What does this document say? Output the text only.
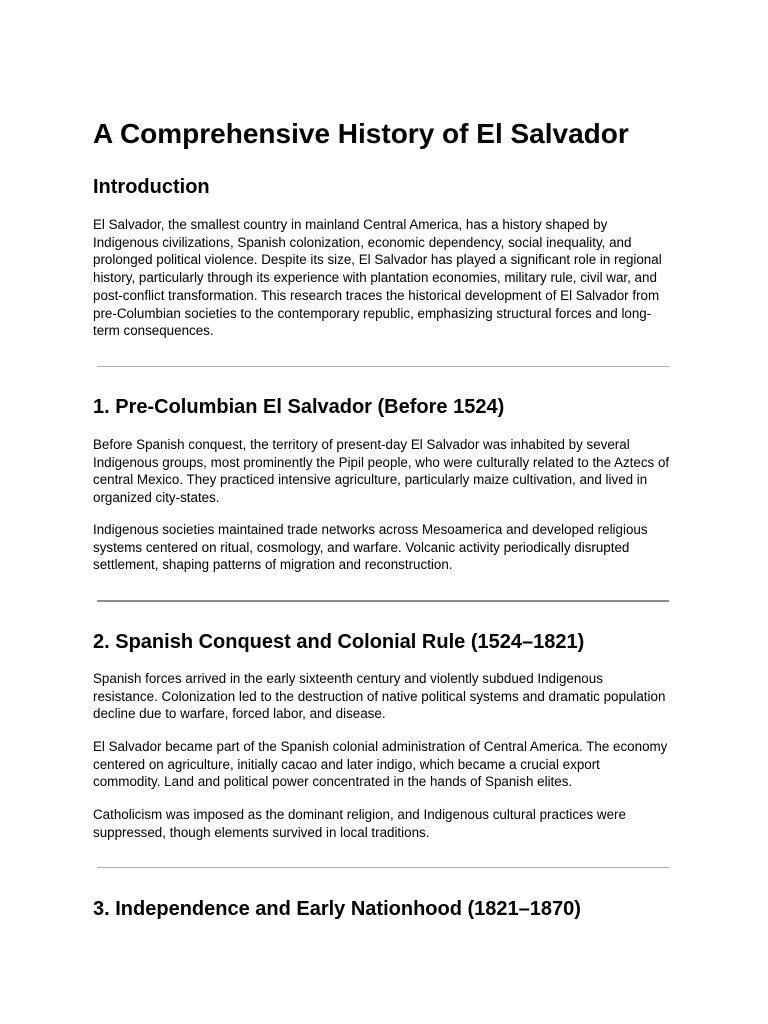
A Comprehensive History of El Salvador
Introduction

El Salvador, the smallest country in mainland Central America, has a history shaped by Indigenous civilizations, Spanish colonization, economic dependency, social inequality, and prolonged political violence. Despite its size, El Salvador has played a significant role in regional history, particularly through its experience with plantation economies, military rule, civil war, and post-conflict transformation. This research traces the historical development of El Salvador from pre-Columbian societies to the contemporary republic, emphasizing structural forces and long-term consequences.

1. Pre-Columbian El Salvador (Before 1524)

Before Spanish conquest, the territory of present-day El Salvador was inhabited by several Indigenous groups, most prominently the Pipil people, who were culturally related to the Aztecs of central Mexico. They practiced intensive agriculture, particularly maize cultivation, and lived in organized city-states.

Indigenous societies maintained trade networks across Mesoamerica and developed religious systems centered on ritual, cosmology, and warfare. Volcanic activity periodically disrupted settlement, shaping patterns of migration and reconstruction.

2. Spanish Conquest and Colonial Rule (1524–1821)

Spanish forces arrived in the early sixteenth century and violently subdued Indigenous resistance. Colonization led to the destruction of native political systems and dramatic population decline due to warfare, forced labor, and disease.

El Salvador became part of the Spanish colonial administration of Central America. The economy centered on agriculture, initially cacao and later indigo, which became a crucial export commodity. Land and political power concentrated in the hands of Spanish elites.

Catholicism was imposed as the dominant religion, and Indigenous cultural practices were suppressed, though elements survived in local traditions.

3. Independence and Early Nationhood (1821–1870)
